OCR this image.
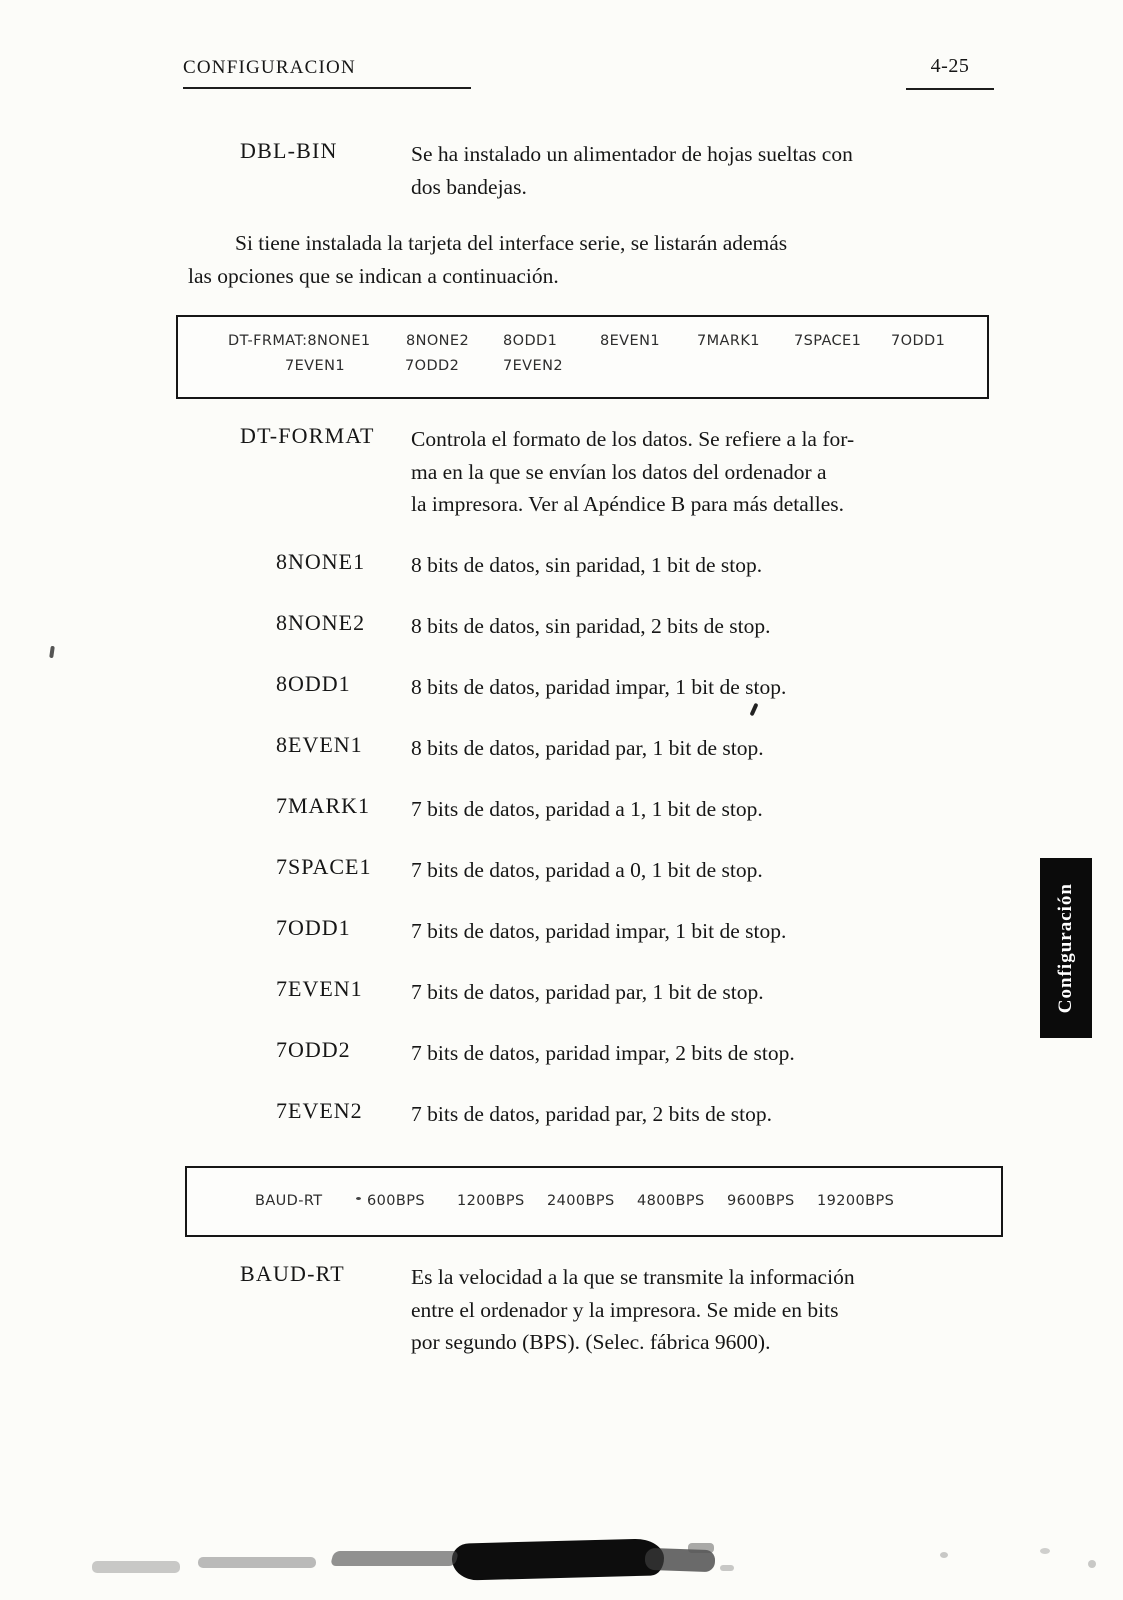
CONFIGURACION	4-25
DBL-BIN	Se ha instalado un alimentador de hojas sueltas con
dos bandejas.
Si tiene instalada la tarjeta del interface serie, se listarán además
las opciones que se indican a continuación.
DT-FRMAT:8NONE1	8NONE2	8ODD1	8EVEN1	7MARK1	7SPACE1	7ODD1
7EVEN1	7ODD2	7EVEN2
DT-FORMAT	Controla el formato de los datos. Se refiere a la for-
ma en la que se envían los datos del ordenador a
la impresora. Ver al Apéndice B para más detalles.
8NONE1	8 bits de datos, sin paridad, 1 bit de stop.
8NONE2	8 bits de datos, sin paridad, 2 bits de stop.
8ODD1	8 bits de datos, paridad impar, 1 bit de stop.
8EVEN1	8 bits de datos, paridad par, 1 bit de stop.
7MARK1	7 bits de datos, paridad a 1, 1 bit de stop.
7SPACE1	7 bits de datos, paridad a 0, 1 bit de stop.
7ODD1	7 bits de datos, paridad impar, 1 bit de stop.
7EVEN1	7 bits de datos, paridad par, 1 bit de stop.
7ODD2	7 bits de datos, paridad impar, 2 bits de stop.
7EVEN2	7 bits de datos, paridad par, 2 bits de stop.
BAUD-RT	600BPS	1200BPS	2400BPS	4800BPS	9600BPS	19200BPS
BAUD-RT	Es la velocidad a la que se transmite la información
entre el ordenador y la impresora. Se mide en bits
por segundo (BPS). (Selec. fábrica 9600).
Configuración
